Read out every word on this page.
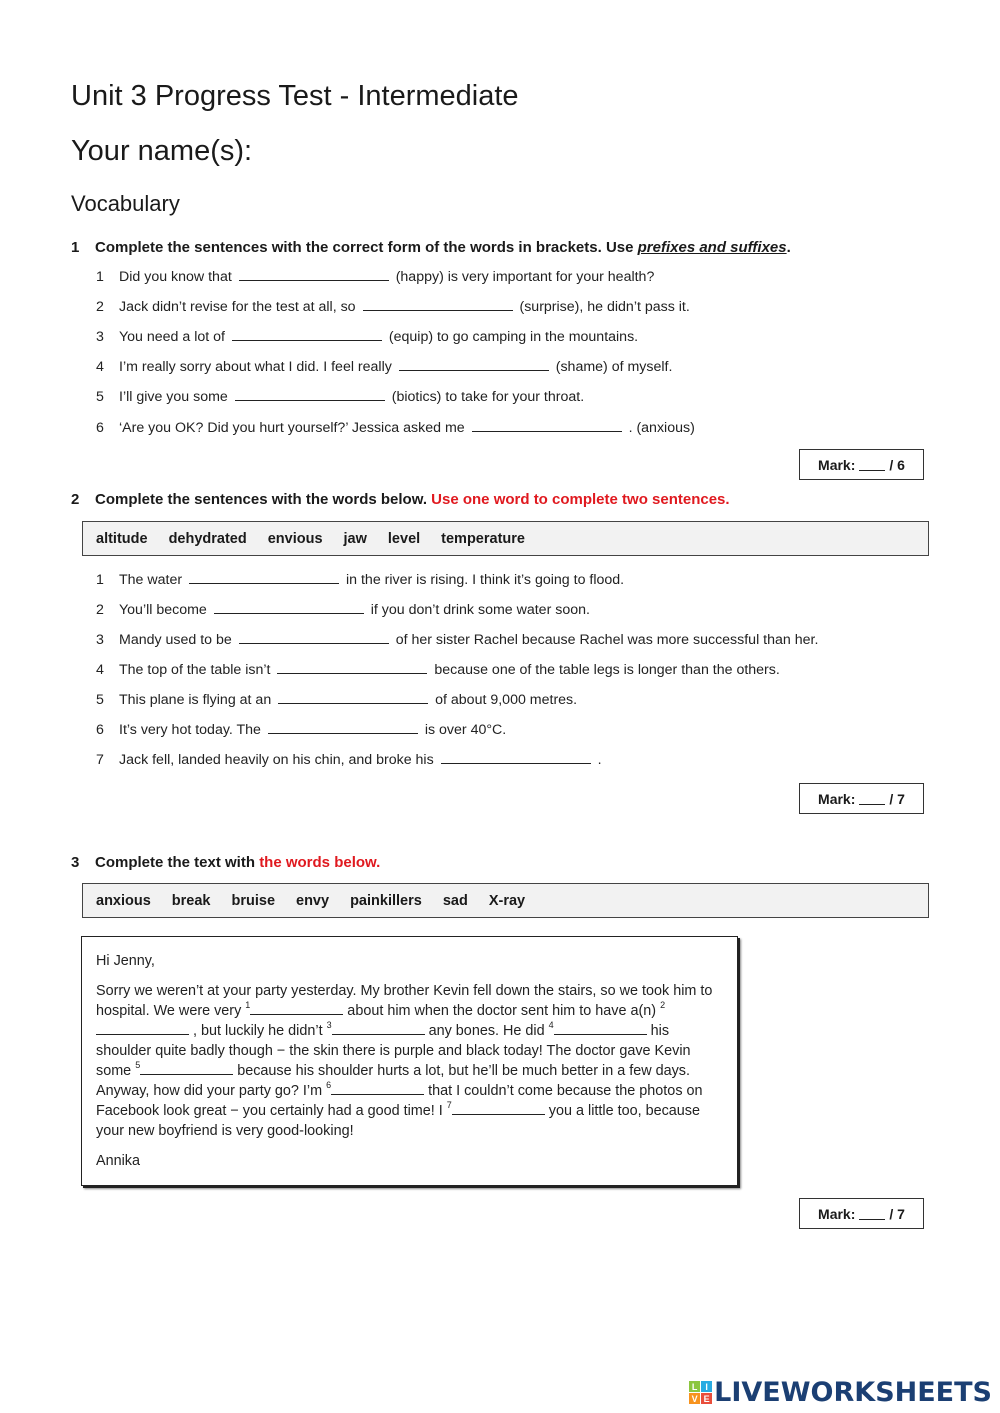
Unit 3 Progress Test - Intermediate
Your name(s):
Vocabulary
1 Complete the sentences with the correct form of the words in brackets. Use prefixes and suffixes.
1 Did you know that	(happy) is very important for your health?
2 Jack didn’t revise for the test at all, so	(surprise), he didn’t pass it.
3 You need a lot of	(equip) to go camping in the mountains.
4 I’m really sorry about what I did. I feel really	(shame) of myself.
5 I’ll give you some	(biotics) to take for your throat.
6 ‘Are you OK? Did you hurt yourself?’ Jessica asked me	. (anxious)
Mark: / 6
2 Complete the sentences with the words below. Use one word to complete two sentences.
altitude dehydrated envious jaw level temperature
1 The water	in the river is rising. I think it’s going to flood.
2 You’ll become	if you don’t drink some water soon.
3 Mandy used to be	of her sister Rachel because Rachel was more successful than her.
4 The top of the table isn’t	because one of the table legs is longer than the others.
5 This plane is flying at an	of about 9,000 metres.
6 It’s very hot today. The	is over 40°C.
7 Jack fell, landed heavily on his chin, and broke his	.
Mark: / 7
3 Complete the text with the words below.
anxious break bruise envy painkillers sad X-ray

Hi Jenny,

Sorry we weren’t at your party yesterday. My brother Kevin fell down the stairs, so we took him to hospital. We were very $^1$	about him when the doctor sent him to have a(n) $^2$ , but luckily he didn’t $^3$	any bones. He did $^4$	his shoulder quite badly though − the skin there is purple and black today! The doctor gave Kevin some $^5$	because his shoulder hurts a lot, but he’ll be much better in a few days. Anyway, how did your party go? I’m $^6$	that I couldn’t come because the photos on Facebook look great − you certainly had a good time! I $^7$	you a little too, because your new boyfriend is very good-looking!

Annika

Mark: / 7
L I
V E LIVEWORKSHEETS
